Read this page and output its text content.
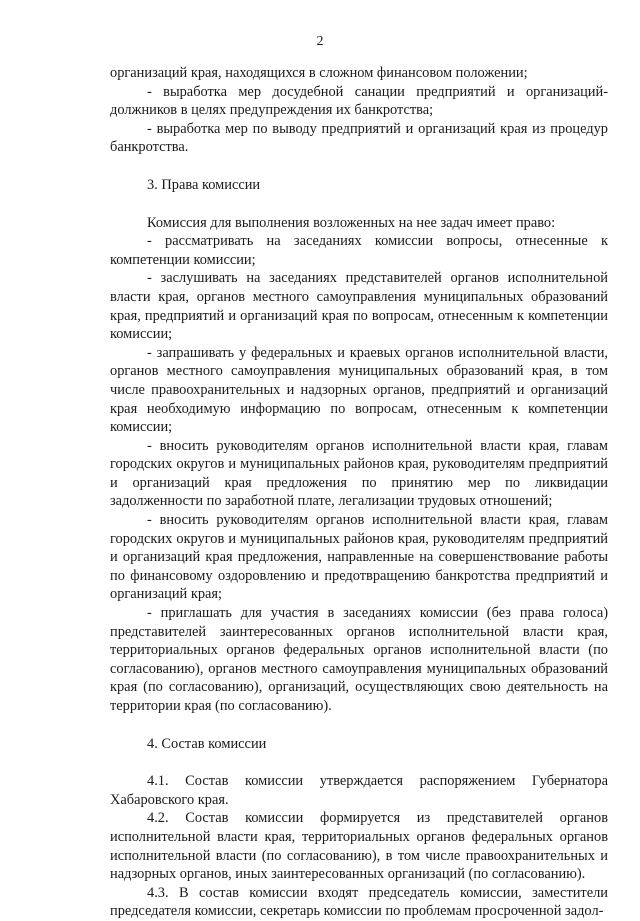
2

организаций края, находящихся в сложном финансовом положении;

- выработка мер досудебной санации предприятий и организаций-должников в целях предупреждения их банкротства;

- выработка мер по выводу предприятий и организаций края из процедур банкротства.

3. Права комиссии

Комиссия для выполнения возложенных на нее задач имеет право:

- рассматривать на заседаниях комиссии вопросы, отнесенные к компетенции комиссии;

- заслушивать на заседаниях представителей органов исполнительной власти края, органов местного самоуправления муниципальных образований края, предприятий и организаций края по вопросам, отнесенным к компетенции комиссии;

- запрашивать у федеральных и краевых органов исполнительной власти, органов местного самоуправления муниципальных образований края, в том числе правоохранительных и надзорных органов, предприятий и организаций края необходимую информацию по вопросам, отнесенным к компетенции комиссии;

- вносить руководителям органов исполнительной власти края, главам городских округов и муниципальных районов края, руководителям предприятий и организаций края предложения по принятию мер по ликвидации задолженности по заработной плате, легализации трудовых отношений;

- вносить руководителям органов исполнительной власти края, главам городских округов и муниципальных районов края, руководителям предприятий и организаций края предложения, направленные на совершенствование работы по финансовому оздоровлению и предотвращению банкротства предприятий и организаций края;

- приглашать для участия в заседаниях комиссии (без права голоса) представителей заинтересованных органов исполнительной власти края, территориальных органов федеральных органов исполнительной власти (по согласованию), органов местного самоуправления муниципальных образований края (по согласованию), организаций, осуществляющих свою деятельность на территории края (по согласованию).

4. Состав комиссии

4.1. Состав комиссии утверждается распоряжением Губернатора Хабаровского края.

4.2. Состав комиссии формируется из представителей органов исполнительной власти края, территориальных органов федеральных органов исполнительной власти (по согласованию), в том числе правоохранительных и надзорных органов, иных заинтересованных организаций (по согласованию).

4.3. В состав комиссии входят председатель комиссии, заместители председателя комиссии, секретарь комиссии по проблемам просроченной задол-
